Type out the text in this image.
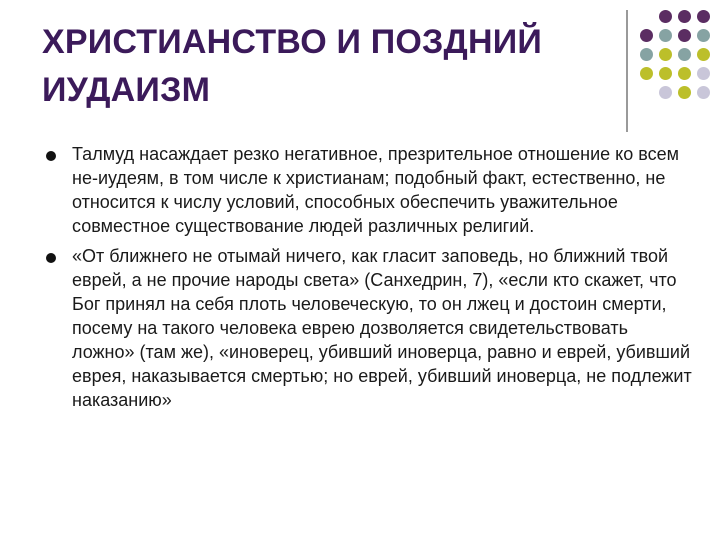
ХРИСТИАНСТВО И ПОЗДНИЙ ИУДАИЗМ
Талмуд насаждает резко негативное, презрительное отношение ко всем не-иудеям, в том числе к христианам; подобный факт, естественно, не относится к числу условий, способных обеспечить уважительное совместное существование людей различных религий.
«От ближнего не отымай ничего, как гласит заповедь, но ближний твой еврей, а не прочие народы света» (Санхедрин, 7), «если кто скажет, что Бог принял на себя плоть человеческую, то он лжец и достоин смерти, посему на такого человека еврею дозволяется свидетельствовать ложно» (там же), «иноверец, убивший иноверца, равно и еврей, убивший еврея, наказывается смертью; но еврей, убивший иноверца, не подлежит наказанию»
